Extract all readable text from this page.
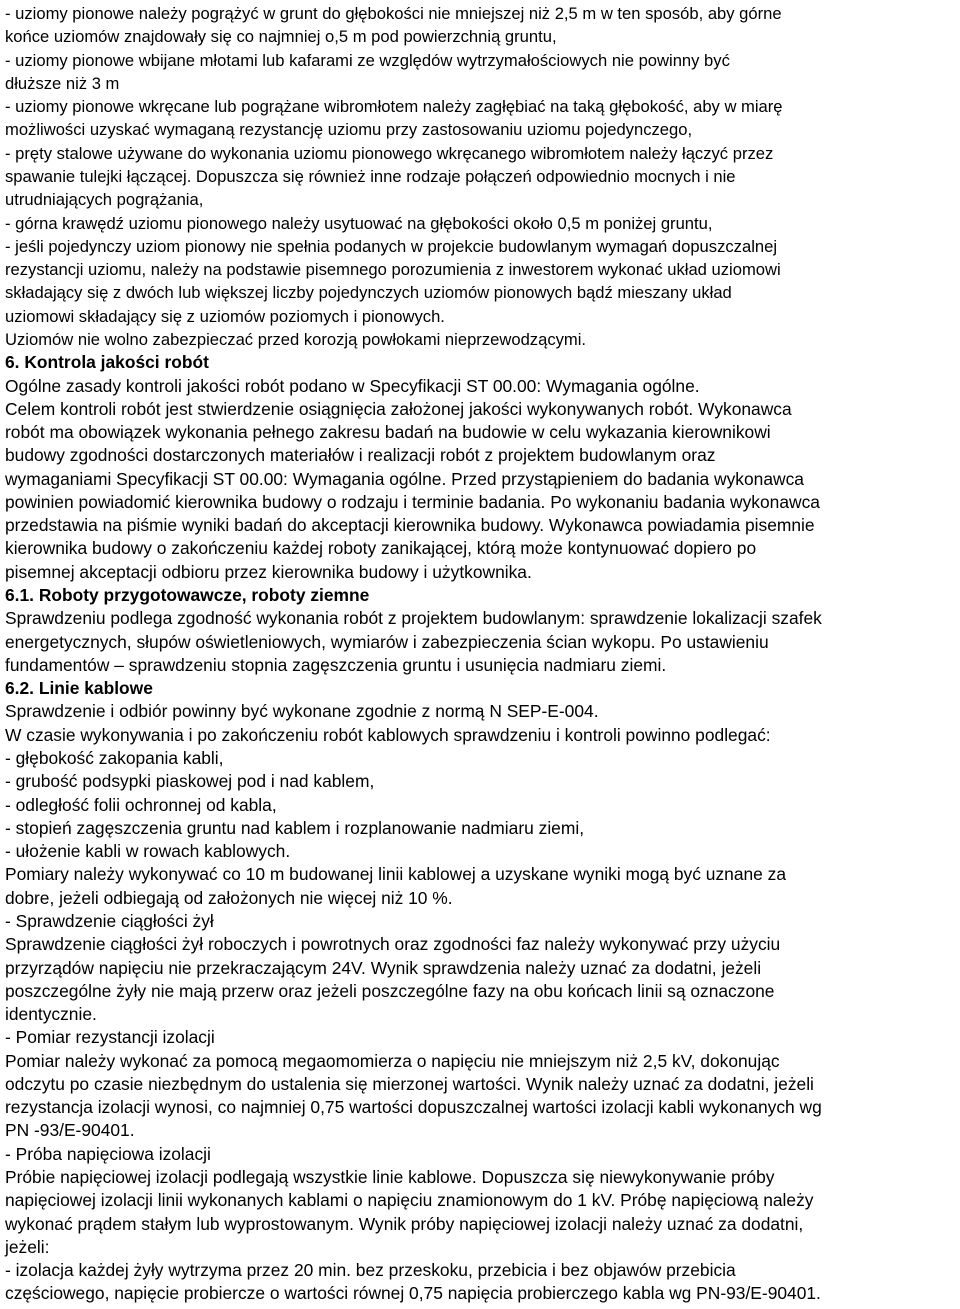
- uziomy pionowe należy pogrążyć w grunt do głębokości nie mniejszej niż 2,5 m w ten sposób, aby górne
końce uziomów znajdowały się co najmniej o,5 m pod powierzchnią gruntu,
- uziomy pionowe wbijane młotami lub kafarami ze względów wytrzymałościowych nie powinny być
dłuższe niż 3 m
- uziomy pionowe wkręcane lub pogrążane wibromłotem należy zagłębiać na taką głębokość, aby w miarę
możliwości uzyskać wymaganą rezystancję uziomu przy zastosowaniu uziomu pojedynczego,
- pręty stalowe używane do wykonania uziomu pionowego wkręcanego wibromłotem należy łączyć przez
spawanie tulejki łączącej. Dopuszcza się również inne rodzaje połączeń odpowiednio mocnych i nie
utrudniających pogrążania,
- górna krawędź uziomu pionowego należy usytuować na głębokości około 0,5 m poniżej gruntu,
- jeśli pojedynczy uziom pionowy nie spełnia podanych w projekcie budowlanym wymagań dopuszczalnej
rezystancji uziomu, należy na podstawie pisemnego porozumienia z inwestorem wykonać układ uziomowi
składający się z dwóch lub większej liczby pojedynczych uziomów pionowych bądź mieszany układ
uziomowi składający się z uziomów poziomych i pionowych.
Uziomów nie wolno zabezpieczać przed korozją powłokami nieprzewodzącymi.
6. Kontrola jakości robót
Ogólne zasady kontroli jakości robót podano w Specyfikacji ST 00.00: Wymagania ogólne.
Celem kontroli robót jest stwierdzenie osiągnięcia założonej jakości wykonywanych robót. Wykonawca
robót ma obowiązek wykonania pełnego zakresu badań na budowie w celu wykazania kierownikowi
budowy zgodności dostarczonych materiałów i realizacji robót z projektem budowlanym oraz
wymaganiami Specyfikacji ST 00.00: Wymagania ogólne. Przed przystąpieniem do badania wykonawca
powinien powiadomić kierownika budowy o rodzaju i terminie badania. Po wykonaniu badania wykonawca
przedstawia na piśmie wyniki badań do akceptacji kierownika budowy. Wykonawca powiadamia pisemnie
kierownika budowy o zakończeniu każdej roboty zanikającej, którą może kontynuować dopiero po
pisemnej akceptacji odbioru przez kierownika budowy i użytkownika.
6.1. Roboty przygotowawcze, roboty ziemne
Sprawdzeniu podlega zgodność wykonania robót z projektem budowlanym: sprawdzenie lokalizacji szafek
energetycznych, słupów oświetleniowych, wymiarów i zabezpieczenia ścian wykopu. Po ustawieniu
fundamentów – sprawdzeniu stopnia zagęszczenia gruntu i usunięcia nadmiaru ziemi.
6.2. Linie kablowe
Sprawdzenie i odbiór powinny być wykonane zgodnie z normą N SEP-E-004.
W czasie wykonywania i po zakończeniu robót kablowych sprawdzeniu i kontroli powinno podlegać:
- głębokość zakopania kabli,
- grubość podsypki piaskowej pod i nad kablem,
- odległość folii ochronnej od kabla,
- stopień zagęszczenia gruntu nad kablem i rozplanowanie nadmiaru ziemi,
- ułożenie kabli w rowach kablowych.
Pomiary należy wykonywać co 10 m budowanej linii kablowej a uzyskane wyniki mogą być uznane za
dobre, jeżeli odbiegają od założonych nie więcej niż 10 %.
- Sprawdzenie ciągłości żył
Sprawdzenie ciągłości żył roboczych i powrotnych oraz zgodności faz należy wykonywać przy użyciu
przyrządów napięciu nie przekraczającym 24V. Wynik sprawdzenia należy uznać za dodatni, jeżeli
poszczególne żyły nie mają przerw oraz jeżeli poszczególne fazy na obu końcach linii są oznaczone
identycznie.
- Pomiar rezystancji izolacji
Pomiar należy wykonać za pomocą megaomomierza o napięciu nie mniejszym niż 2,5 kV, dokonując
odczytu po czasie niezbędnym do ustalenia się mierzonej wartości. Wynik należy uznać za dodatni, jeżeli
rezystancja izolacji wynosi, co najmniej 0,75 wartości dopuszczalnej wartości izolacji kabli wykonanych wg
PN -93/E-90401.
- Próba napięciowa izolacji
Próbie napięciowej izolacji podlegają wszystkie linie kablowe. Dopuszcza się niewykonywanie próby
napięciowej izolacji linii wykonanych kablami o napięciu znamionowym do 1 kV. Próbę napięciową należy
wykonać prądem stałym lub wyprostowanym. Wynik próby napięciowej izolacji należy uznać za dodatni,
jeżeli:
- izolacja każdej żyły wytrzyma przez 20 min. bez przeskoku, przebicia i bez objawów przebicia
częściowego, napięcie probiercze o wartości równej 0,75 napięcia probierczego kabla wg PN-93/E-90401.
